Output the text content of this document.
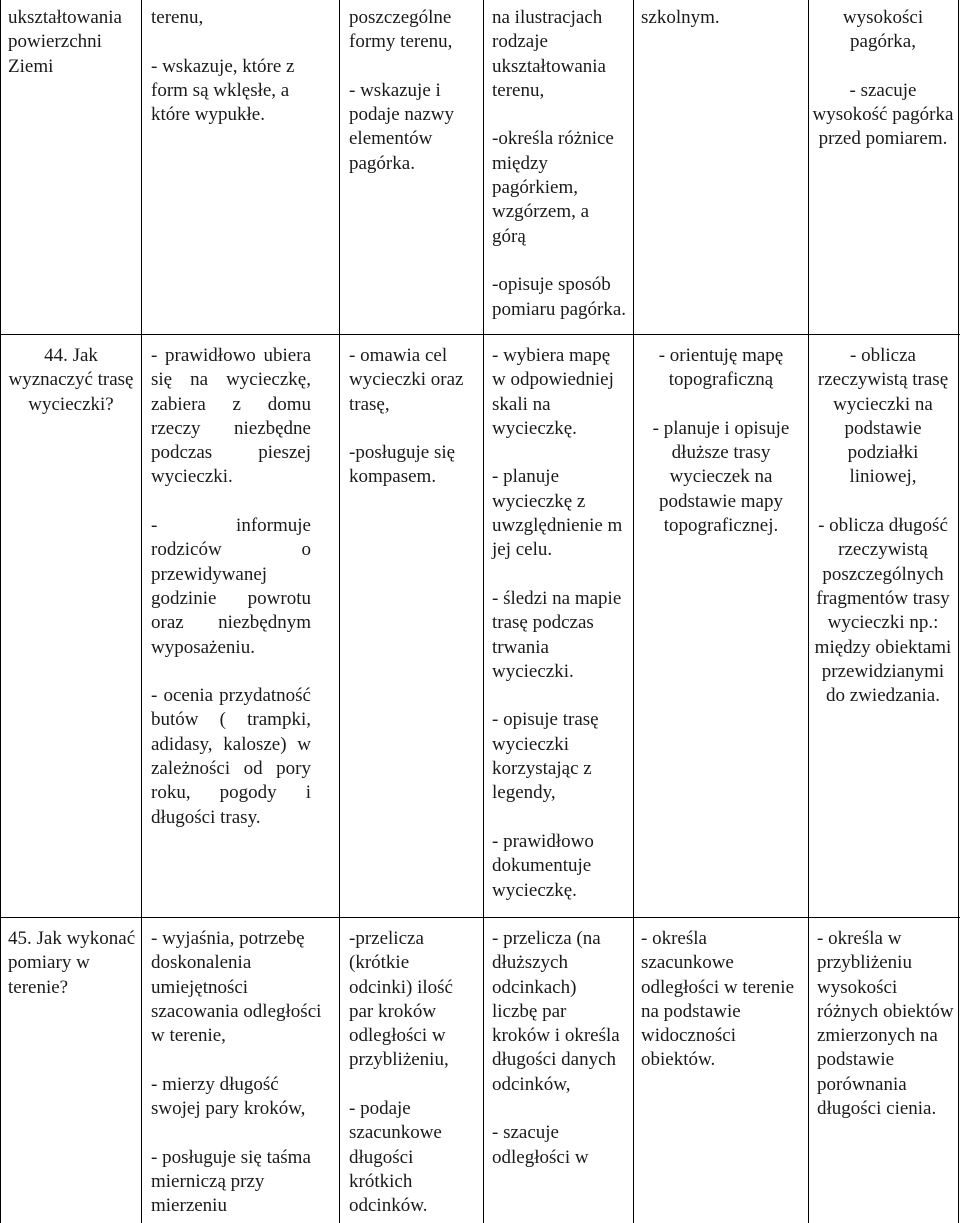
ukształtowania powierzchni Ziemi

terenu,

- wskazuje, które z form są wklęsłe, a które wypukłe.

poszczególne formy terenu,

- wskazuje i podaje nazwy elementów pagórka.

na ilustracjach rodzaje ukształtowania terenu,

-określa różnice między pagórkiem, wzgórzem, a górą

-opisuje sposób pomiaru pagórka.

szkolnym.	wysokości pagórka,

- szacuje wysokość pagórka przed pomiarem.

44. Jak wyznaczyć trasę wycieczki?

- prawidłowo ubiera się na wycieczkę, zabiera z domu rzeczy niezbędne podczas pieszej wycieczki.

- informuje rodziców o przewidywanej godzinie powrotu oraz niezbędnym wyposażeniu.

- ocenia przydatność butów ( trampki, adidasy, kalosze) w zależności od pory roku, pogody i długości trasy.

- omawia cel wycieczki oraz trasę,

-posługuje się kompasem.

- wybiera mapę w odpowiedniej skali na wycieczkę.

- planuje wycieczkę z uwzględnienie m jej celu.

- śledzi na mapie trasę podczas trwania wycieczki.

- opisuje trasę wycieczki korzystając z legendy,

- prawidłowo dokumentuje wycieczkę.

- orientuję mapę topograficzną

- planuje i opisuje dłuższe trasy wycieczek na podstawie mapy topograficznej.

- oblicza rzeczywistą trasę wycieczki na podstawie podziałki liniowej,

- oblicza długość rzeczywistą poszczególnych fragmentów trasy wycieczki np.: między obiektami przewidzianymi do zwiedzania.

45. Jak wykonać pomiary w terenie?

- wyjaśnia, potrzebę doskonalenia umiejętności szacowania odległości w terenie,

- mierzy długość swojej pary kroków,

- posługuje się taśma mierniczą przy mierzeniu

-przelicza (krótkie odcinki) ilość par kroków odległości w przybliżeniu,

- podaje szacunkowe długości krótkich odcinków.

- przelicza (na dłuższych odcinkach) liczbę par kroków i określa długości danych odcinków,

- szacuje odległości w

- określa szacunkowe odległości w terenie na podstawie widoczności obiektów.

- określa w przybliżeniu wysokości różnych obiektów zmierzonych na podstawie porównania długości cienia.
